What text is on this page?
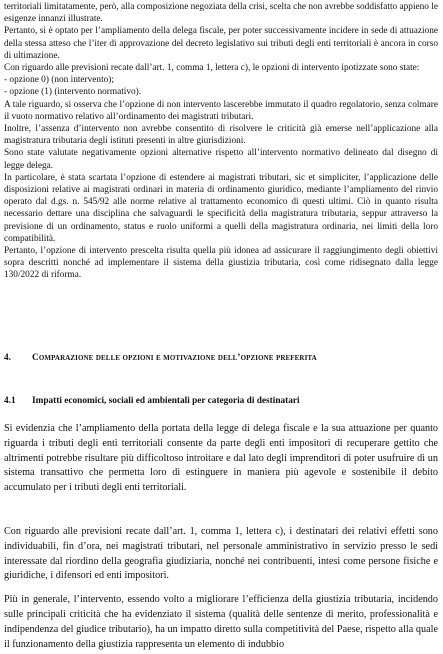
territoriali limitatamente, però, alla composizione negoziata della crisi, scelta che non avrebbe soddisfatto appieno le esigenze innanzi illustrate.

Pertanto, si è optato per l’ampliamento della delega fiscale, per poter successivamente incidere in sede di attuazione della stessa atteso che l’iter di approvazione del decreto legislativo sui tributi degli enti territoriali è ancora in corso di ultimazione.

Con riguardo alle previsioni recate dall’art. 1, comma 1, lettera c), le opzioni di intervento ipotizzate sono state:

- opzione 0) (non intervento);

- opzione (1) (intervento normativo).

A tale riguardo, si osserva che l’opzione di non intervento lascerebbe immutato il quadro regolatorio, senza colmare il vuoto normativo relativo all’ordinamento dei magistrati tributari.

Inoltre, l’assenza d’intervento non avrebbe consentito di risolvere le criticità già emerse nell’applicazione alla magistratura tributaria degli istituti presenti in altre giurisdizioni.

Sono state valutate negativamente opzioni alternative rispetto all’intervento normativo delineato dal disegno di legge delega.

In particolare, è stata scartata l’opzione di estendere ai magistrati tributari, sic et simpliciter, l’applicazione delle disposizioni relative ai magistrati ordinari in materia di ordinamento giuridico, mediante l’ampliamento del rinvio operato dal d.gs. n. 545/92 alle norme relative al trattamento economico di questi ultimi. Ciò in quanto risulta necessario dettare una disciplina che salvaguardi le specificità della magistratura tributaria, seppur attraverso la previsione di un ordinamento, status e ruolo uniformi a quelli della magistratura ordinaria, nei limiti della loro compatibilità.

Pertanto, l’opzione di intervento prescelta risulta quella più idonea ad assicurare il raggiungimento degli obiettivi sopra descritti nonché ad implementare il sistema della giustizia tributaria, così come ridisegnato dalla legge 130/2022 di riforma.

4.	Comparazione delle opzioni e motivazione dell’opzione preferita
4.1	Impatti economici, sociali ed ambientali per categoria di destinatari

Si evidenzia che l’ampliamento della portata della legge di delega fiscale e la sua attuazione per quanto riguarda i tributi degli enti territoriali consente da parte degli enti impositori di recuperare gettito che altrimenti potrebbe risultare più difficoltoso introitare e dal lato degli imprenditori di poter usufruire di un sistema transattivo che permetta loro di estinguere in maniera più agevole e sostenibile il debito accumulato per i tributi degli enti territoriali.

Con riguardo alle previsioni recate dall’art. 1, comma 1, lettera c), i destinatari dei relativi effetti sono individuabili, fin d’ora, nei magistrati tributari, nel personale amministrativo in servizio presso le sedi interessate dal riordino della geografia giudiziaria, nonché nei contribuenti, intesi come persone fisiche e giuridiche, i difensori ed enti impositori.

Più in generale, l’intervento, essendo volto a migliorare l’efficienza della giustizia tributaria, incidendo sulle principali criticità che ha evidenziato il sistema (qualità delle sentenze di merito, professionalità e indipendenza del giudice tributario), ha un impatto diretto sulla competitività del Paese, rispetto alla quale il funzionamento della giustizia rappresenta un elemento di indubbio
